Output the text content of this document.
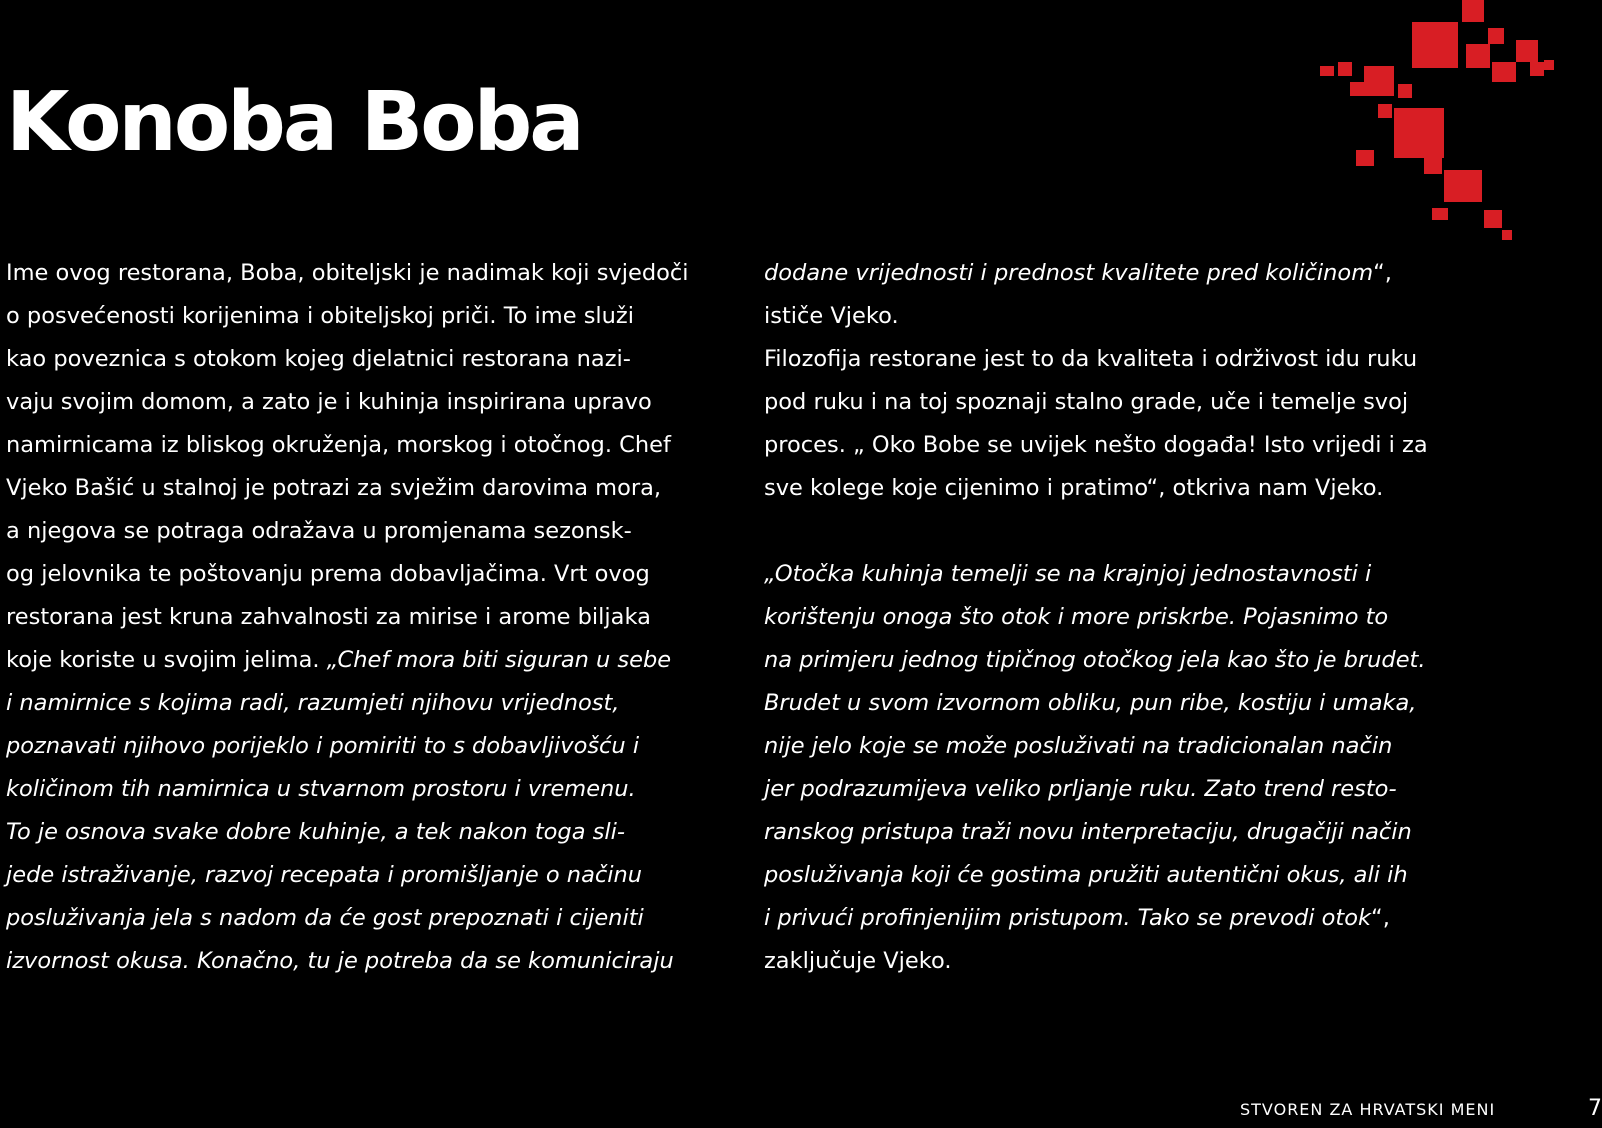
Konoba Boba
Ime ovog restorana, Boba, obiteljski je nadimak koji svjedoči
o posvećenosti korijenima i obiteljskoj priči. To ime služi
kao poveznica s otokom kojeg djelatnici restorana nazi-
vaju svojim domom, a zato je i kuhinja inspirirana upravo
namirnicama iz bliskog okruženja, morskog i otočnog. Chef
Vjeko Bašić u stalnoj je potrazi za svježim darovima mora,
a njegova se potraga odražava u promjenama sezonsk-
og jelovnika te poštovanju prema dobavljačima. Vrt ovog
restorana jest kruna zahvalnosti za mirise i arome biljaka
koje koriste u svojim jelima. „Chef mora biti siguran u sebe
i namirnice s kojima radi, razumjeti njihovu vrijednost,
poznavati njihovo porijeklo i pomiriti to s dobavljivošću i
količinom tih namirnica u stvarnom prostoru i vremenu.
To je osnova svake dobre kuhinje, a tek nakon toga sli-
jede istraživanje, razvoj recepata i promišljanje o načinu
posluživanja jela s nadom da će gost prepoznati i cijeniti
izvornost okusa. Konačno, tu je potreba da se komuniciraju
dodane vrijednosti i prednost kvalitete pred količinom“,
ističe Vjeko.
Filozofija restorane jest to da kvaliteta i održivost idu ruku
pod ruku i na toj spoznaji stalno grade, uče i temelje svoj
proces. „ Oko Bobe se uvijek nešto događa! Isto vrijedi i za
sve kolege koje cijenimo i pratimo“, otkriva nam Vjeko.

„Otočka kuhinja temelji se na krajnjoj jednostavnosti i
korištenju onoga što otok i more priskrbe. Pojasnimo to
na primjeru jednog tipičnog otočkog jela kao što je brudet.
Brudet u svom izvornom obliku, pun ribe, kostiju i umaka,
nije jelo koje se može posluživati na tradicionalan način
jer podrazumijeva veliko prljanje ruku. Zato trend resto-
ranskog pristupa traži novu interpretaciju, drugačiji način
posluživanja koji će gostima pružiti autentični okus, ali ih
i privući profinjenijim pristupom. Tako se prevodi otok“,
zaključuje Vjeko.
STVOREN ZA HRVATSKI MENI	7
